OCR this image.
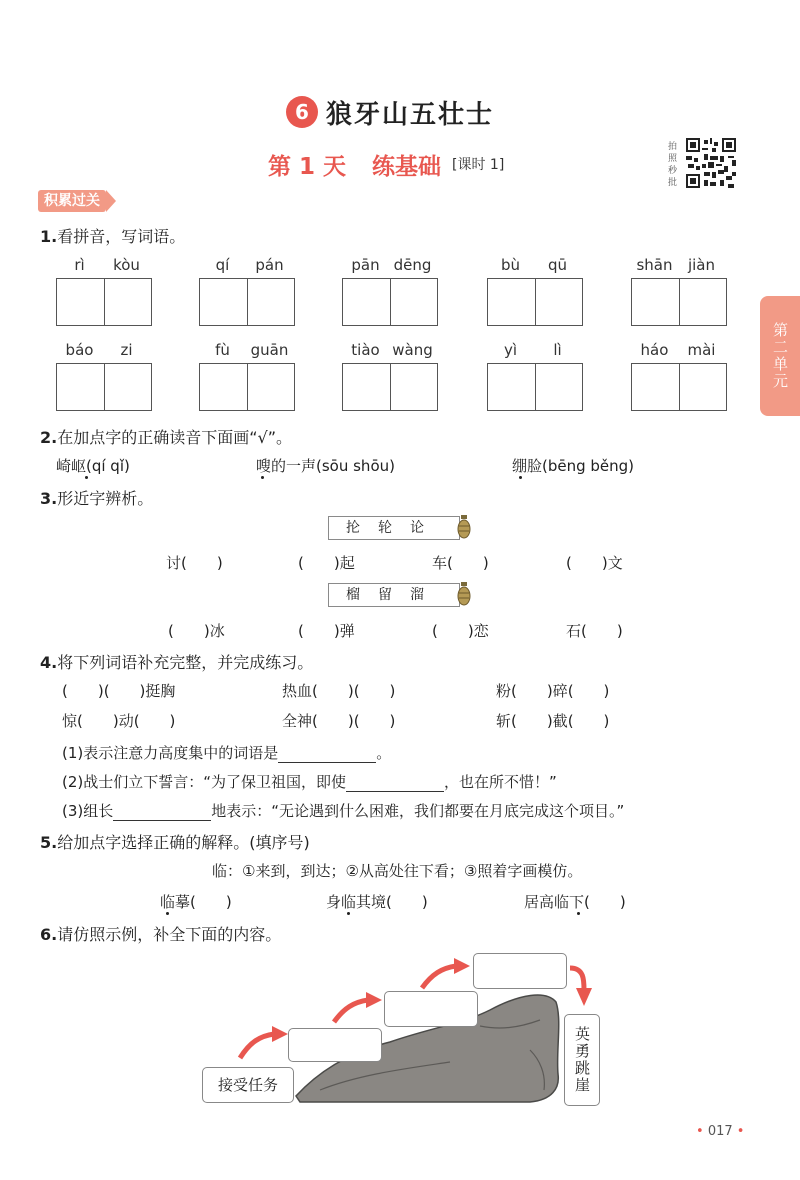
6 狼牙山五壮士
第 1 天 练基础 [课时 1]
拍照秒批
积累过关
第二单元
1.看拼音，写词语。
rì kòu	qí pán	pān dēng	bù qū	shān jiàn
báo zi	fù guān	tiào wàng	yì lì	háo mài
2.在加点字的正确读音下面画“√”。
崎岖(qí qǐ)	嗖的一声(sōu shōu)	绷脸(bēng běng)
3.形近字辨析。
抡轮论
讨(　　)	(　　)起	车(　　)	(　　)文
榴留溜
(　　)冰	(　　)弹	(　　)恋	石(　　)
4.将下列词语补充完整，并完成练习。
(　　)(　　)挺胸	热血(　　)(　　)	粉(　　)碎(　　)
惊(　　)动(　　)	全神(　　)(　　)	斩(　　)截(　　)
(1)表示注意力高度集中的词语是	。
(2)战士们立下誓言：“为了保卫祖国，即使	，也在所不惜！”
(3)组长	地表示：“无论遇到什么困难，我们都要在月底完成这个项目。”
5.给加点字选择正确的解释。(填序号)
临：①来到，到达；②从高处往下看；③照着字画模仿。
临摹(　　)	身临其境(　　)	居高临下(　　)
6.请仿照示例，补全下面的内容。
接受任务	英勇跳崖
• 017 •
